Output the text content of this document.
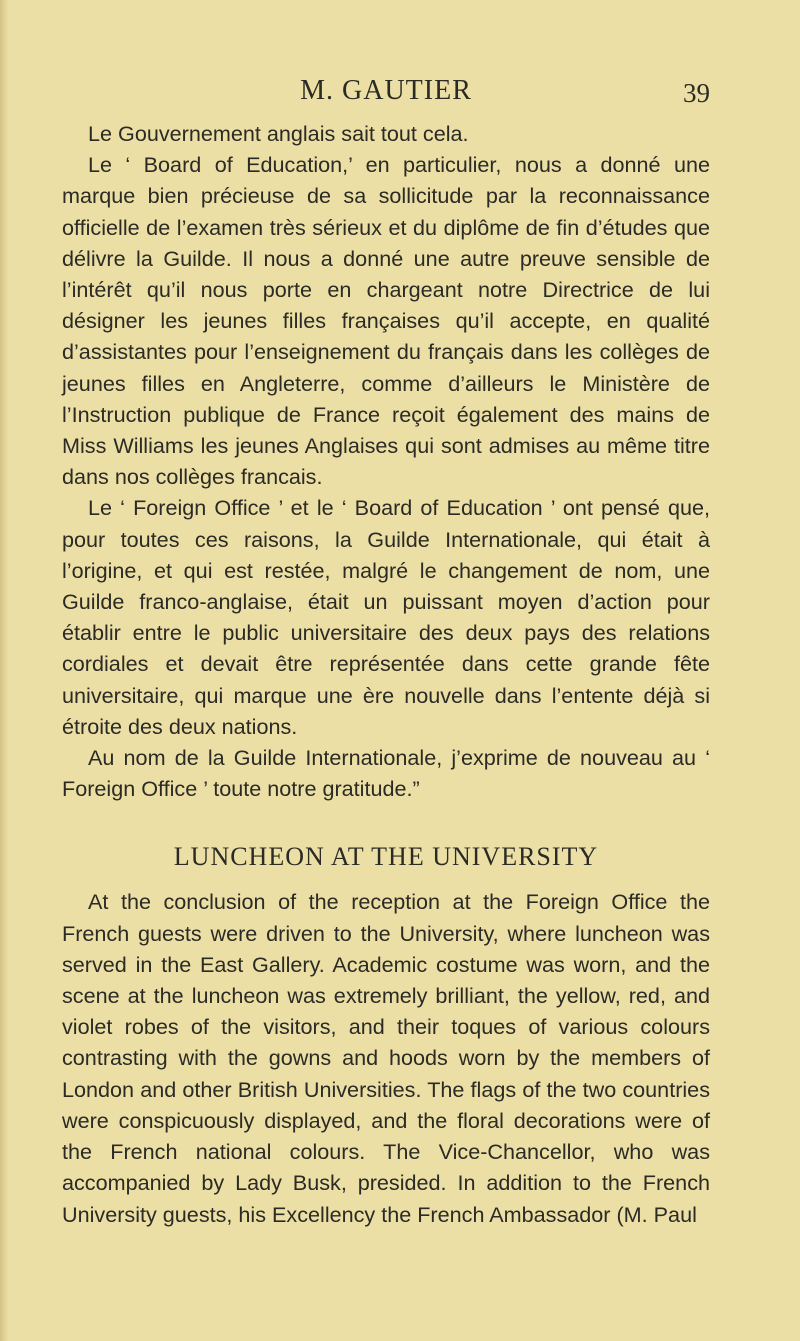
M. GAUTIER	39

Le Gouvernement anglais sait tout cela.

Le ‘ Board of Education,’ en particulier, nous a donné une marque bien précieuse de sa sollicitude par la reconnaissance officielle de l’examen très sérieux et du diplôme de fin d’études que délivre la Guilde. Il nous a donné une autre preuve sensible de l’intérêt qu’il nous porte en chargeant notre Directrice de lui désigner les jeunes filles françaises qu’il accepte, en qualité d’assistantes pour l’enseignement du français dans les collèges de jeunes filles en Angleterre, comme d’ailleurs le Ministère de l’Instruction publique de France reçoit également des mains de Miss Williams les jeunes Anglaises qui sont admises au même titre dans nos collèges francais.

Le ‘ Foreign Office ’ et le ‘ Board of Education ’ ont pensé que, pour toutes ces raisons, la Guilde Internationale, qui était à l’origine, et qui est restée, malgré le changement de nom, une Guilde franco-anglaise, était un puissant moyen d’action pour établir entre le public universitaire des deux pays des relations cordiales et devait être représentée dans cette grande fête universitaire, qui marque une ère nouvelle dans l’entente déjà si étroite des deux nations.

Au nom de la Guilde Internationale, j’exprime de nouveau au ‘ Foreign Office ’ toute notre gratitude.”

LUNCHEON AT THE UNIVERSITY

At the conclusion of the reception at the Foreign Office the French guests were driven to the University, where luncheon was served in the East Gallery. Academic costume was worn, and the scene at the luncheon was extremely brilliant, the yellow, red, and violet robes of the visitors, and their toques of various colours contrasting with the gowns and hoods worn by the members of London and other British Universities. The flags of the two countries were conspicuously displayed, and the floral decorations were of the French national colours. The Vice-Chancellor, who was accompanied by Lady Busk, presided. In addition to the French University guests, his Excellency the French Ambassador (M. Paul
